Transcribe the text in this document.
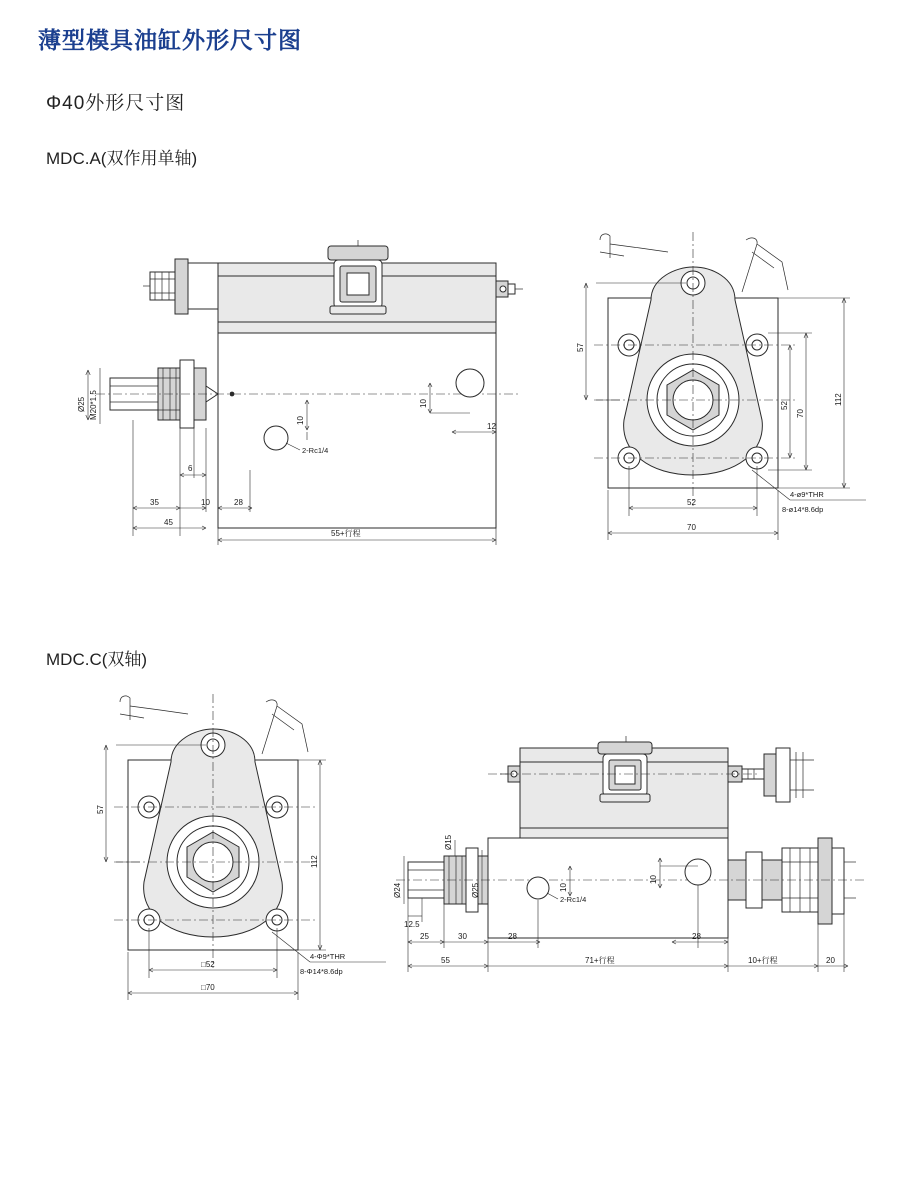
薄型模具油缸外形尺寸图
Φ40外形尺寸图
MDC.A(双作用单轴)
MDC.C(双轴)
2-Rc1/4
Ø25 M20*1.5
10
10
12
6
35	10	28
45
55+行程
57
52
70
112
52
70
4-ø9*THR
8-ø14*8.6dp
57
112
□52
□70
4-Φ9*THR
8-Φ14*8.6dp
2-Rc1/4
Ø24
Ø15
Ø25	10
10
12.5
25	30	28	28
55	71+行程	10+行程	20
